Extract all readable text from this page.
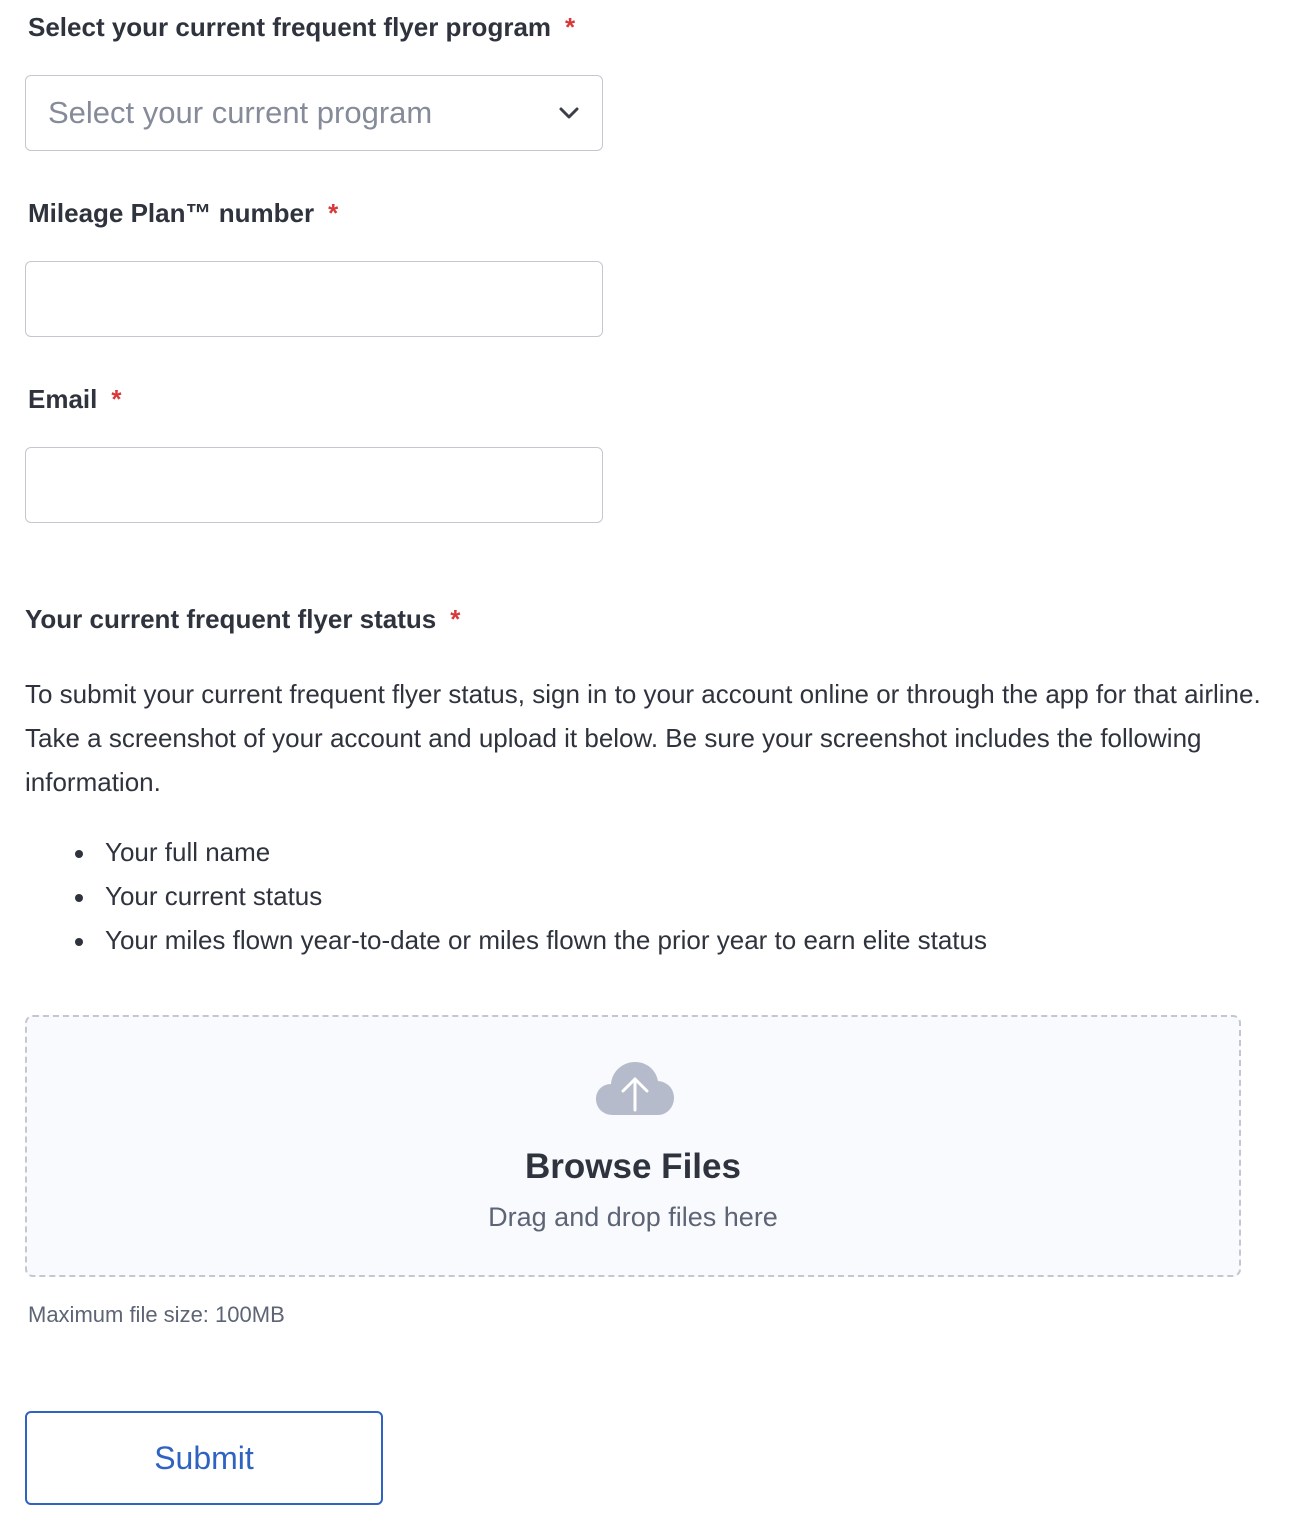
Select your current frequent flyer program *
Select your current program
Mileage Plan™ number *
Email *
Your current frequent flyer status *
To submit your current frequent flyer status, sign in to your account online or through the app for that airline. Take a screenshot of your account and upload it below. Be sure your screenshot includes the following information.
Your full name
Your current status
Your miles flown year-to-date or miles flown the prior year to earn elite status
Browse Files
Drag and drop files here
Maximum file size: 100MB
Submit
